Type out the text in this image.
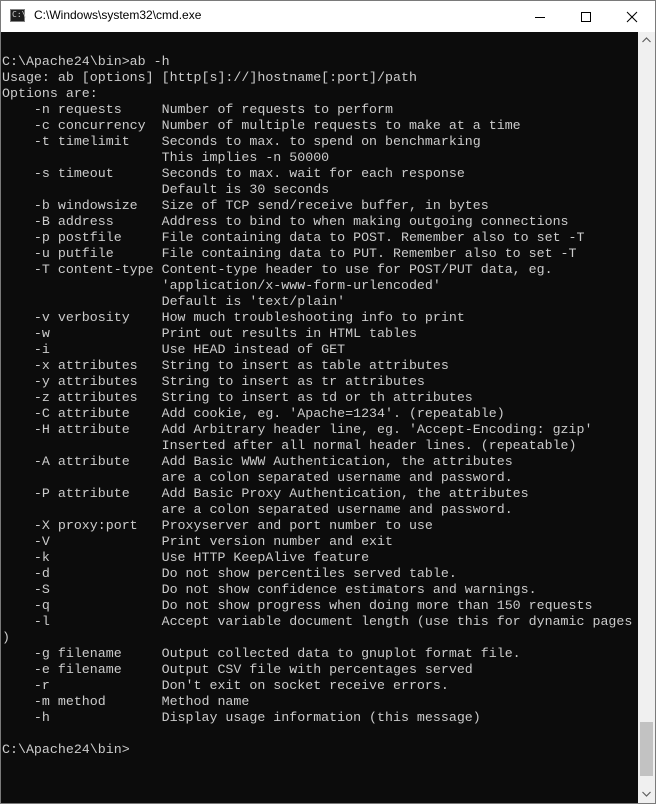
C:\ C:\Windows\system32\cmd.exe

C:\Apache24\bin>ab -h
Usage: ab [options] [http[s]://]hostname[:port]/path
Options are:
-n requests     Number of requests to perform
-c concurrency  Number of multiple requests to make at a time
-t timelimit    Seconds to max. to spend on benchmarking
This implies -n 50000
-s timeout      Seconds to max. wait for each response
Default is 30 seconds
-b windowsize   Size of TCP send/receive buffer, in bytes
-B address      Address to bind to when making outgoing connections
-p postfile     File containing data to POST. Remember also to set -T
-u putfile      File containing data to PUT. Remember also to set -T
-T content-type Content-type header to use for POST/PUT data, eg.
'application/x-www-form-urlencoded'
Default is 'text/plain'
-v verbosity    How much troubleshooting info to print
-w              Print out results in HTML tables
-i              Use HEAD instead of GET
-x attributes   String to insert as table attributes
-y attributes   String to insert as tr attributes
-z attributes   String to insert as td or th attributes
-C attribute    Add cookie, eg. 'Apache=1234'. (repeatable)
-H attribute    Add Arbitrary header line, eg. 'Accept-Encoding: gzip'
Inserted after all normal header lines. (repeatable)
-A attribute    Add Basic WWW Authentication, the attributes
are a colon separated username and password.
-P attribute    Add Basic Proxy Authentication, the attributes
are a colon separated username and password.
-X proxy:port   Proxyserver and port number to use
-V              Print version number and exit
-k              Use HTTP KeepAlive feature
-d              Do not show percentiles served table.
-S              Do not show confidence estimators and warnings.
-q              Do not show progress when doing more than 150 requests
-l              Accept variable document length (use this for dynamic pages
)
-g filename     Output collected data to gnuplot format file.
-e filename     Output CSV file with percentages served
-r              Don't exit on socket receive errors.
-m method       Method name
-h              Display usage information (this message)

C:\Apache24\bin>
